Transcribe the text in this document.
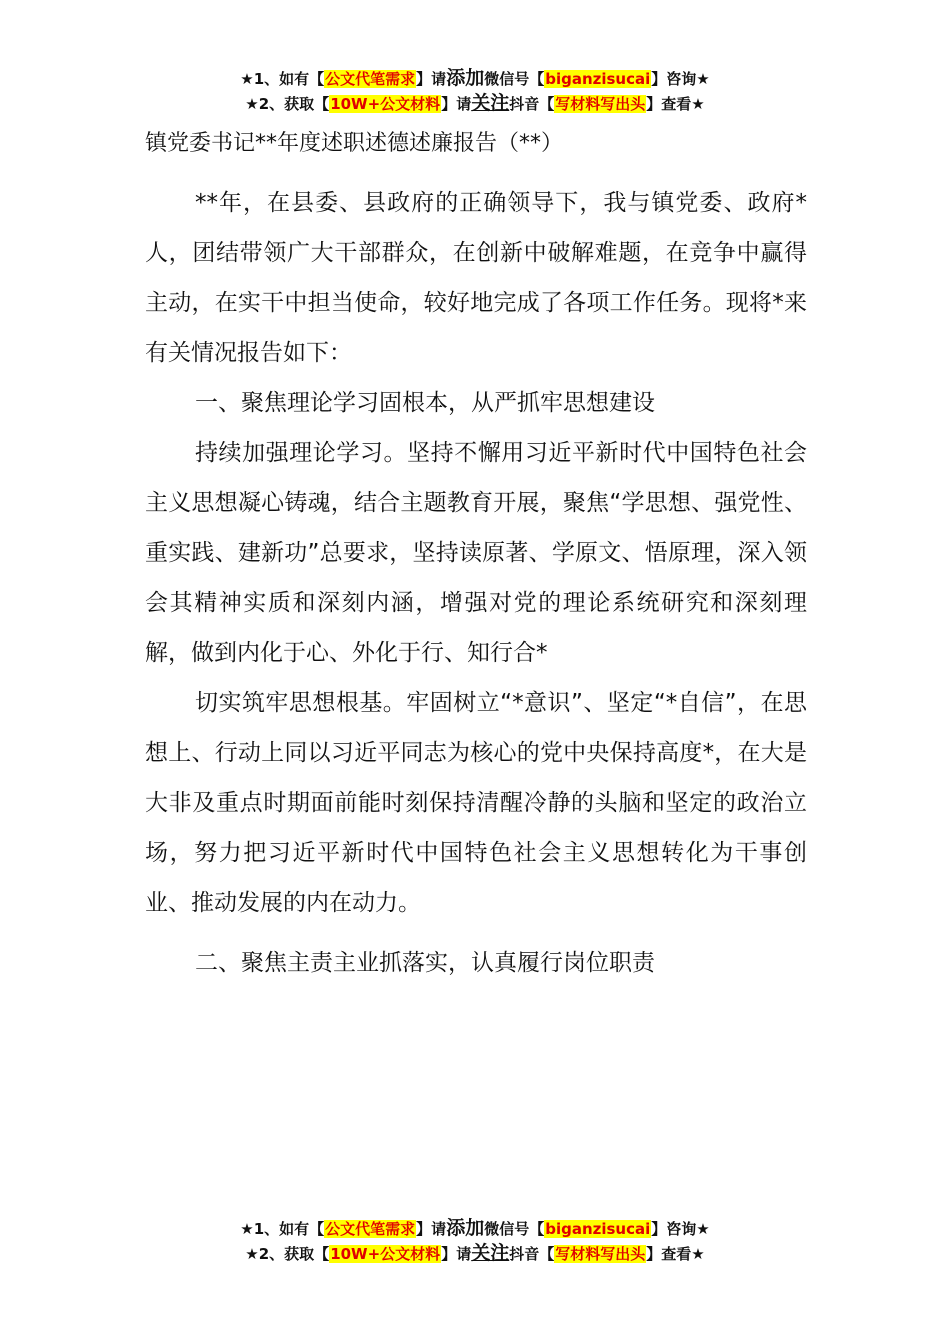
★1、如有【公文代笔需求】请添加微信号【biganzisucai】咨询★
★2、获取【10W+公文材料】请关注抖音【写材料写出头】查看★
镇党委书记**年度述职述德述廉报告（**）

**年，在县委、县政府的正确领导下，我与镇党委、政府*人，团结带领广大干部群众，在创新中破解难题，在竞争中赢得主动，在实干中担当使命，较好地完成了各项工作任务。现将*来有关情况报告如下：

一、聚焦理论学习固根本，从严抓牢思想建设

持续加强理论学习。坚持不懈用习近平新时代中国特色社会主义思想凝心铸魂，结合主题教育开展，聚焦“学思想、强党性、重实践、建新功”总要求，坚持读原著、学原文、悟原理，深入领会其精神实质和深刻内涵，增强对党的理论系统研究和深刻理解，做到内化于心、外化于行、知行合*

切实筑牢思想根基。牢固树立“*意识”、坚定“*自信”，在思想上、行动上同以习近平同志为核心的党中央保持高度*，在大是大非及重点时期面前能时刻保持清醒冷静的头脑和坚定的政治立场，努力把习近平新时代中国特色社会主义思想转化为干事创业、推动发展的内在动力。

二、聚焦主责主业抓落实，认真履行岗位职责

★1、如有【公文代笔需求】请添加微信号【biganzisucai】咨询★
★2、获取【10W+公文材料】请关注抖音【写材料写出头】查看★
